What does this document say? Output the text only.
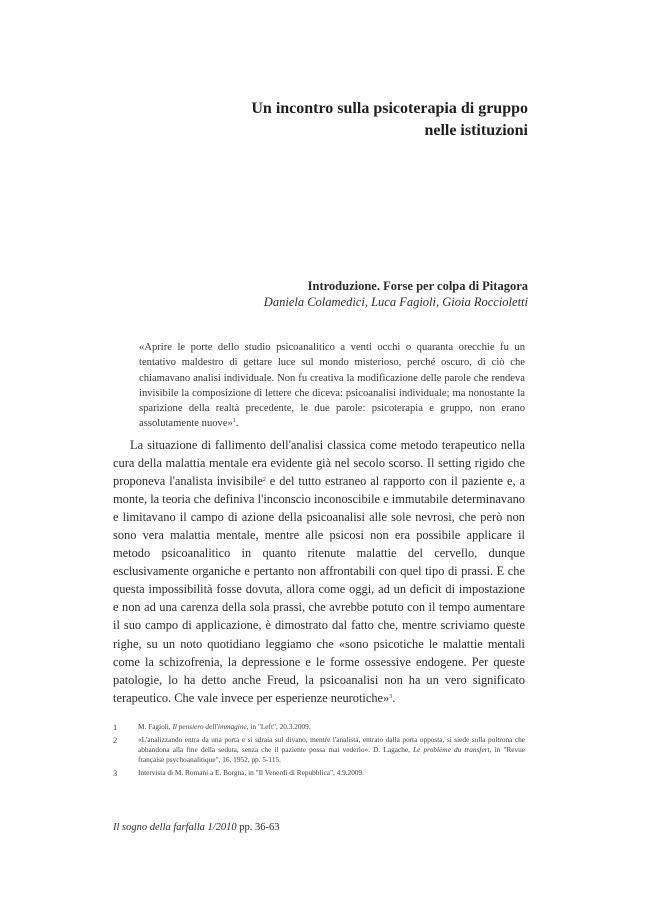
Un incontro sulla psicoterapia di gruppo
nelle istituzioni
Introduzione. Forse per colpa di Pitagora
Daniela Colamedici, Luca Fagioli, Gioia Roccioletti
«Aprire le porte dello studio psicoanalitico a venti occhi o quaranta orecchie fu un tentativo maldestro di gettare luce sul mondo misterioso, perché oscuro, di ciò che chiamavano analisi individuale. Non fu creativa la modificazione delle parole che rendeva invisibile la composizione di lettere che diceva: psicoanalisi individuale; ma nonostante la sparizione della realtà precedente, le due parole: psicoterapia e gruppo, non erano assolutamente nuove»$^1$.

La situazione di fallimento dell'analisi classica come metodo terapeutico nella cura della malattia mentale era evidente già nel secolo scorso. Il setting rigido che proponeva l'analista invisibile$^2$ e del tutto estraneo al rapporto con il paziente e, a monte, la teoria che definiva l'inconscio inconoscibile e immutabile determinavano e limitavano il campo di azione della psicoanalisi alle sole nevrosi, che però non sono vera malattia mentale, mentre alle psicosi non era possibile applicare il metodo psicoanalitico in quanto ritenute malattie del cervello, dunque esclusivamente organiche e pertanto non affrontabili con quel tipo di prassi. E che questa impossibilità fosse dovuta, allora come oggi, ad un deficit di impostazione e non ad una carenza della sola prassi, che avrebbe potuto con il tempo aumentare il suo campo di applicazione, è dimostrato dal fatto che, mentre scriviamo queste righe, su un noto quotidiano leggiamo che «sono psicotiche le malattie mentali come la schizofrenia, la depressione e le forme ossessive endogene. Per queste patologie, lo ha detto anche Freud, la psicoanalisi non ha un vero significato terapeutico. Che vale invece per esperienze neurotiche»$^3$.

1	M. Fagioli, Il pensiero dell'immagine, in "Left", 20.3.2009.
2	«L'analizzando entra da una porta e si sdraia sul divano, mentre l'analista, entrato dalla porta opposta, si siede sulla poltrona che abbandona alla fine della seduta, senza che il paziente possa mai vederlo». D. Lagache, Le problème du transfert, in "Revue française psychoanalitique", 16, 1952, pp. 5-115.
3	Intervista di M. Romani a E. Borgna, in "Il Venerdì di Repubblica", 4.9.2009.
Il sogno della farfalla 1/2010 pp. 36-63
